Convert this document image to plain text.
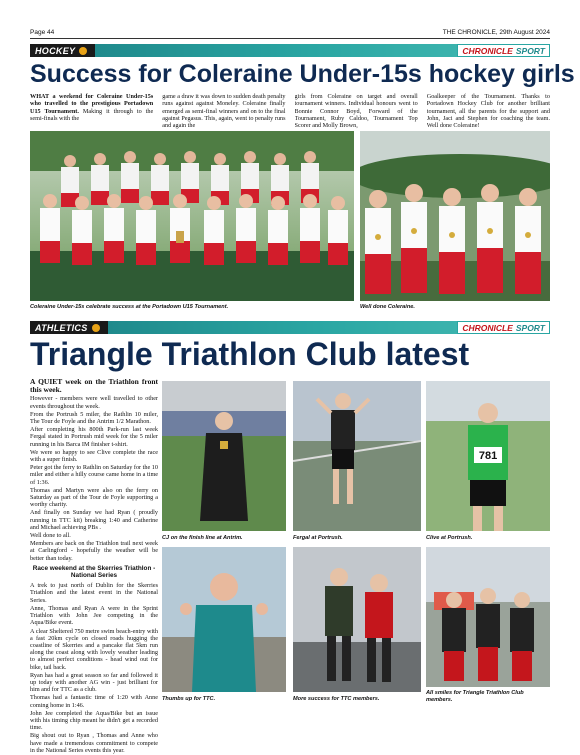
Page 44	THE CHRONICLE, 29th August 2024
HOCKEY	CHRONICLE SPORT
Success for Coleraine Under-15s hockey girls

WHAT a weekend for Coleraine Under-15s who travelled to the prestigious Portadown U15 Tournament. Making it through to the semi-finals with the

game a draw it was down to sudden death penalty runs against against Moneley. Coleraine finally emerged as semi-final winners and on to the final against Pegasus. This, again, went to penalty runs and again the

girls from Coleraine on target and overall tournament winners. Individual honours went to Bonnie Connor Boyd, Forward of the Tournament, Ruby Caldoo, Tournament Top Scorer and Molly Brown,

Goalkeeper of the Tournament. Thanks to Portadown Hockey Club for another brilliant tournament, all the parents for the support and John, Jaci and Stephen for coaching the team. Well done Coleraine!

Coleraine Under-15s celebrate success at the Portadown U15 Tournament.	Well done Coleraine.
ATHLETICS	CHRONICLE SPORT
Triangle Triathlon Club latest

A QUIET week on the Triathlon front this week.

However - members were well travelled to other events throughout the week.

From the Portrush 5 miler, the Rathlin 10 miler, The Tour de Foyle and the Antrim 1/2 Marathon.

After completing his 800th Park-run last week Fergal stated in Portrush mid week for the 5 miler running in his Barca IM finisher t-shirt.

We were so happy to see Clive complete the race with a super finish.

Peter got the ferry to Rathlin on Saturday for the 10 miler and either a hilly course came home in a time of 1:36.

Thomas and Martyn were also on the ferry on Saturday as part of the Tour de Foyle supporting a worthy charity.

And finally on Sunday we had Ryan ( proudly running in TTC kit) breaking 1:40 and Catherine and Michael achieving PBs .

Well done to all.

Members are back on the Triathlon trail next week at Carlingford - hopefully the weather will be better than today.

Race weekend at the Skerries Triathlon - National Series

A trek to just north of Dublin for the Skerries Triathlon and the latest event in the National Series.

Anne, Thomas and Ryan A were in the Sprint Triathlon with John Jee competing in the Aqua/Bike event.

A clear Sheltered 750 metre swim beach-entry with a fast 20km cycle on closed roads hugging the coastline of Skerries and a pancake flat 5km run along the coast along with lovely weather leading to almost perfect conditions - head wind out for bike, tail back.

Ryan has had a great season so far and followed it up today with another AG win - just brilliant for him and for TTC as a club.

Thomas had a fantastic time of 1:20 with Anne coming home in 1:46.

John Jee completed the Aqua/Bike but an issue with his timing chip meant he didn't get a recorded time.

Big shout out to Ryan , Thomas and Anne who have made a tremendous commitment to compete in the National Series events this year.

CJ on the finish line at Antrim.	Fergal at Portrush.
781
Clive at Portrush.
Thumbs up for TTC.	More success for TTC members.
All smiles for Triangle Triathlon Club members.
